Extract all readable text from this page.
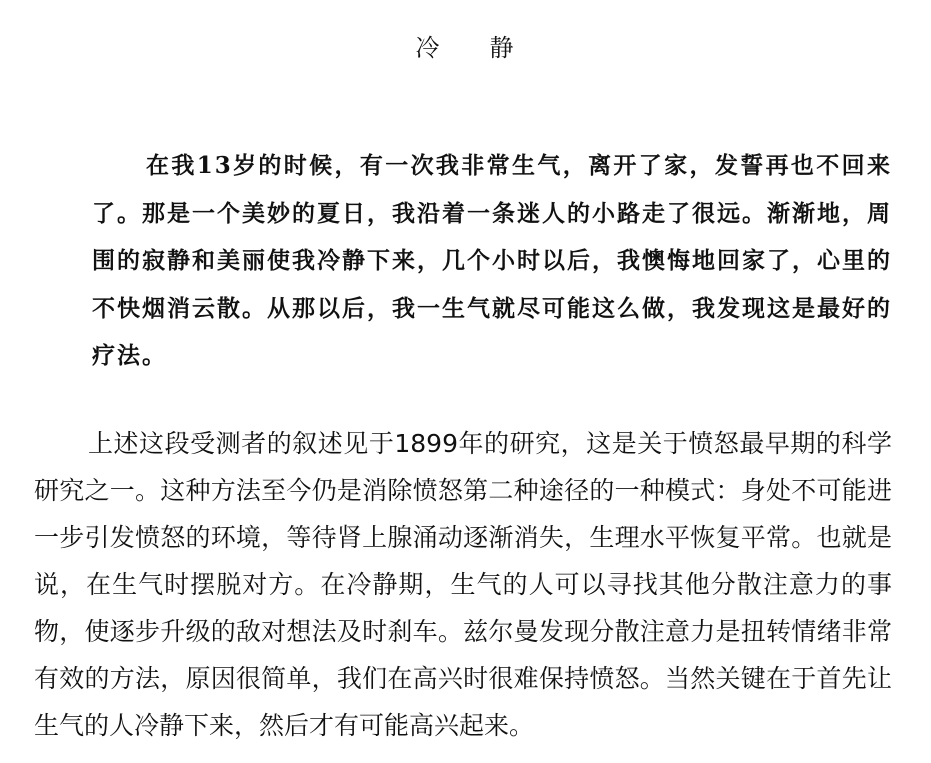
冷 静

在我13岁的时候，有一次我非常生气，离开了家，发誓再也不回来了。那是一个美妙的夏日，我沿着一条迷人的小路走了很远。渐渐地，周围的寂静和美丽使我冷静下来，几个小时以后，我懊悔地回家了，心里的不快烟消云散。从那以后，我一生气就尽可能这么做，我发现这是最好的疗法。

上述这段受测者的叙述见于1899年的研究，这是关于愤怒最早期的科学研究之一。这种方法至今仍是消除愤怒第二种途径的一种模式：身处不可能进一步引发愤怒的环境，等待肾上腺涌动逐渐消失，生理水平恢复平常。也就是说，在生气时摆脱对方。在冷静期，生气的人可以寻找其他分散注意力的事物，使逐步升级的敌对想法及时刹车。兹尔曼发现分散注意力是扭转情绪非常有效的方法，原因很简单，我们在高兴时很难保持愤怒。当然关键在于首先让生气的人冷静下来，然后才有可能高兴起来。
